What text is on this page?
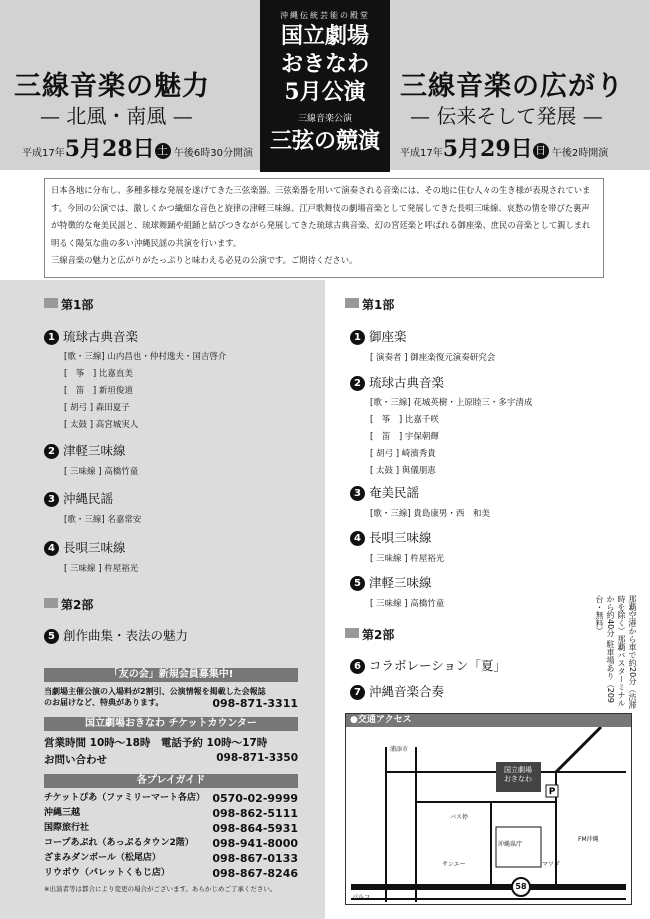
三線音楽の魅力
— 北風・南風 —
平成17年5月28日 土 午後6時30分開演
沖縄伝統芸能の殿堂
国立劇場
おきなわ
5月公演
三線音楽公演
三弦の競演
三線音楽の広がり
— 伝来そして発展 —
平成17年5月29日 日 午後2時開演
日本各地に分布し、多種多様な発展を遂げてきた三弦楽器。三弦楽器を用いて演奏される音楽には、その地に住む人々の生き様が表現されています。今回の公演では、激しくかつ繊細な音色と旋律の津軽三味線、江戸歌舞伎の劇場音楽として発展してきた長唄三味線、哀愁の情を帯びた裏声が特徴的な奄美民謡と、琉球舞踊や組踊と結びつきながら発展してきた琉球古典音楽、幻の宮廷楽と呼ばれる御座楽、庶民の音楽として親しまれ明るく陽気な曲の多い沖縄民謡の共演を行います。
三線音楽の魅力と広がりがたっぷりと味わえる必見の公演です。ご期待ください。
第1部
1 琉球古典音楽
[歌・三線] 山内昌也・仲村逸夫・国吉啓介
[　筝　] 比嘉直美
[　笛　] 新垣俊道
[ 胡弓 ] 森田夏子
[ 太鼓 ] 高宮城実人
2 津軽三味線
[ 三味線 ] 高橋竹童
3 沖縄民謡
[歌・三線] 名嘉常安
4 長唄三味線
[ 三味線 ] 杵屋裕光
第2部
5 創作曲集・表法の魅力
「友の会」新規会員募集中!
当劇場主催公演の入場料が2割引、公演情報を掲載した会報誌
のお届けなど、特典があります。	098-871-3311
国立劇場おきなわ チケットカウンター
営業時間 10時～18時　電話予約 10時～17時
お問い合わせ	098-871-3350
各プレイガイド
チケットぴあ（ファミリーマート各店） 0570-02-9999
沖縄三越	098-862-5111
国際旅行社	098-864-5931
コープあぷれ（あっぷるタウン2階） 098-941-8000
ざまみダンボール（松尾店）	098-867-0133
リウボウ（パレットくもじ店）	098-867-8246
※出演者等は都合により変更の場合がございます。あらかじめご了承ください。
第1部
1 御座楽
[ 演奏者 ] 御座楽復元演奏研究会
2 琉球古典音楽
[歌・三線] 花城英樹・上原睦三・多宇清成
[　筝　] 比嘉千咲
[　笛　] 宇保朝輝
[ 胡弓 ] 崎濱秀貴
[ 太鼓 ] 與儀朋恵
3 奄美民謡
[歌・三線] 貴島康男・西　和美
4 長唄三味線
[ 三味線 ] 杵屋裕光
5 津軽三味線
[ 三味線 ] 高橋竹童
第2部
6 コラボレーション「夏」
7 沖縄音楽合奏	那覇空港から車で約20分（渋滞時を除く）那覇バスターミナルから約40分 駐車場あり（209台・無料）
●交通アクセス
P
国立劇場
おきなわ
58
浦添市
沖縄県庁
FM沖縄
バス停
マツダ
パルコ
サンエー
